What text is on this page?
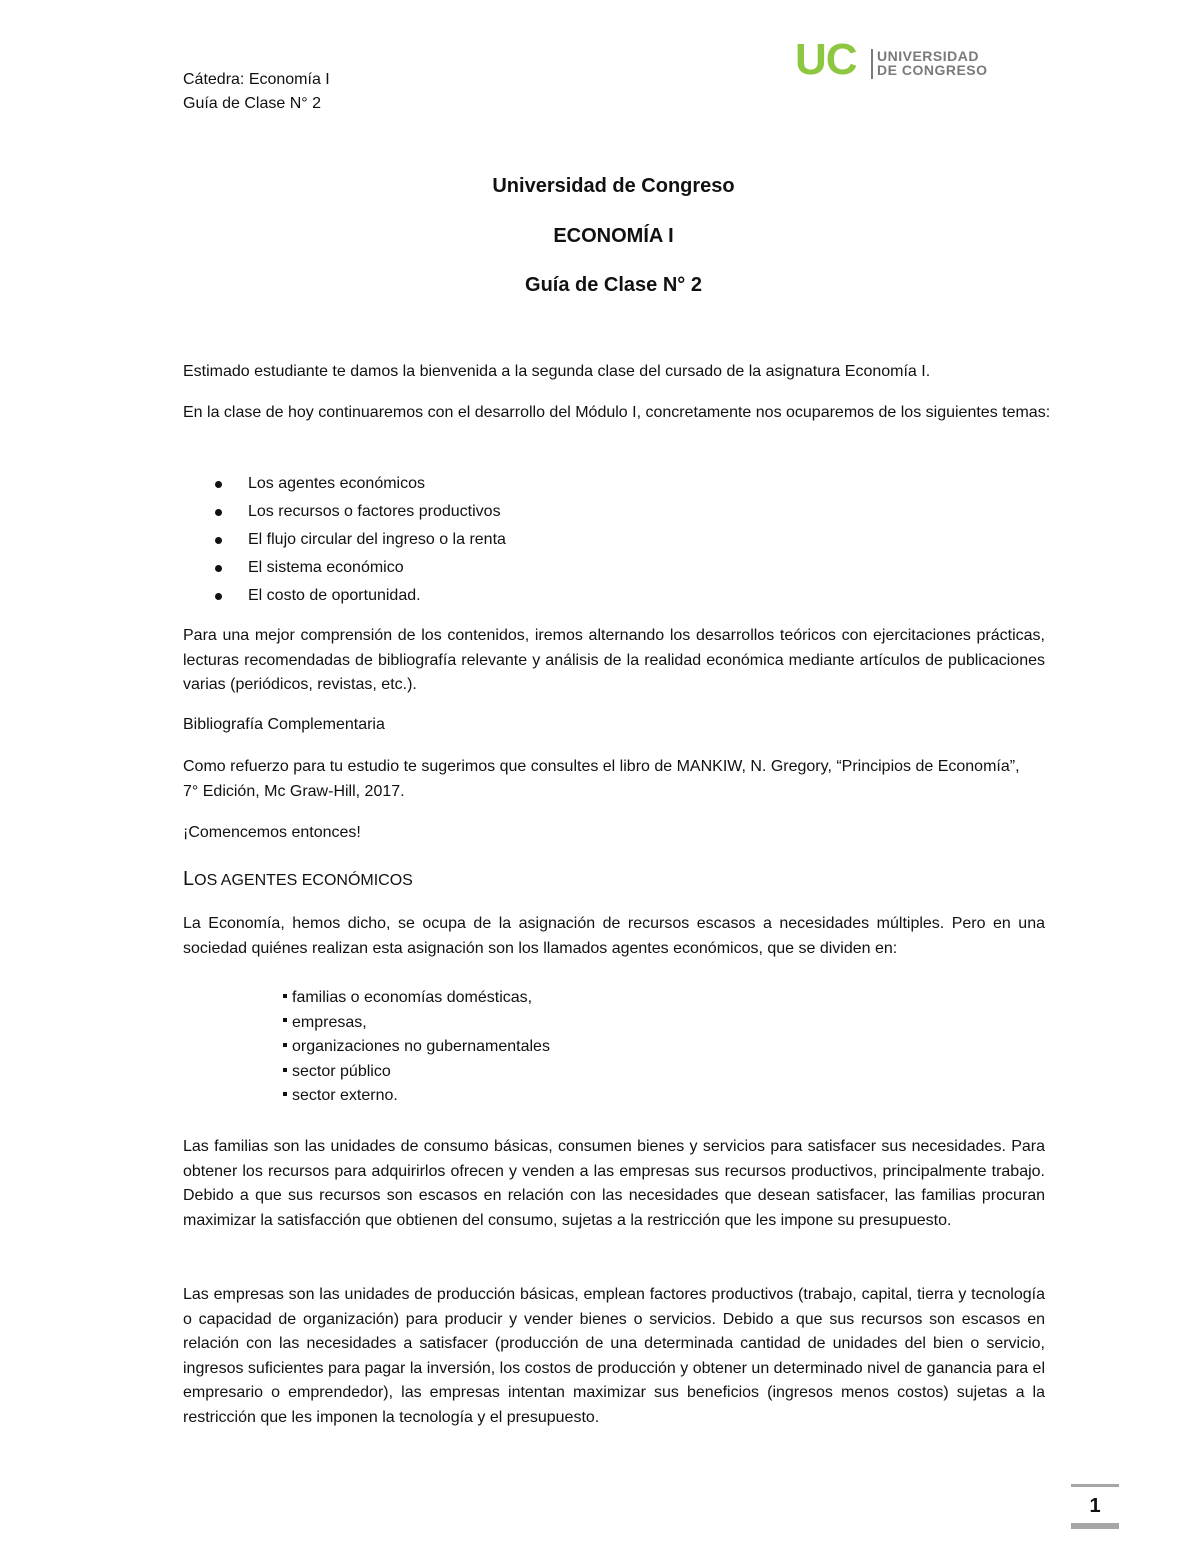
Cátedra: Economía I
Guía de Clase N° 2
UC UNIVERSIDAD
DE CONGRESO
Universidad de Congreso
ECONOMÍA I
Guía de Clase N° 2
Estimado estudiante te damos la bienvenida a la segunda clase del cursado de la asignatura Economía I.
En la clase de hoy continuaremos con el desarrollo del Módulo I, concretamente nos ocuparemos de los siguientes temas:
Los agentes económicos
Los recursos o factores productivos
El flujo circular del ingreso o la renta
El sistema económico
El costo de oportunidad.
Para una mejor comprensión de los contenidos, iremos alternando los desarrollos teóricos con ejercitaciones prácticas, lecturas recomendadas de bibliografía relevante y análisis de la realidad económica mediante artículos de publicaciones varias (periódicos, revistas, etc.).
Bibliografía Complementaria
Como refuerzo para tu estudio te sugerimos que consultes el libro de MANKIW, N. Gregory, “Principios de Economía”, 7° Edición, Mc Graw-Hill, 2017.
¡Comencemos entonces!
LOS AGENTES ECONÓMICOS
La Economía, hemos dicho, se ocupa de la asignación de recursos escasos a necesidades múltiples. Pero en una sociedad quiénes realizan esta asignación son los llamados agentes económicos, que se dividen en:
familias o economías domésticas,
empresas,
organizaciones no gubernamentales
sector público
sector externo.
Las familias son las unidades de consumo básicas, consumen bienes y servicios para satisfacer sus necesidades. Para obtener los recursos para adquirirlos ofrecen y venden a las empresas sus recursos productivos, principalmente trabajo. Debido a que sus recursos son escasos en relación con las necesidades que desean satisfacer, las familias procuran maximizar la satisfacción que obtienen del consumo, sujetas a la restricción que les impone su presupuesto.
Las empresas son las unidades de producción básicas, emplean factores productivos (trabajo, capital, tierra y tecnología o capacidad de organización) para producir y vender bienes o servicios. Debido a que sus recursos son escasos en relación con las necesidades a satisfacer (producción de una determinada cantidad de unidades del bien o servicio, ingresos suficientes para pagar la inversión, los costos de producción y obtener un determinado nivel de ganancia para el empresario o emprendedor), las empresas intentan maximizar sus beneficios (ingresos menos costos) sujetas a la restricción que les imponen la tecnología y el presupuesto.
1
